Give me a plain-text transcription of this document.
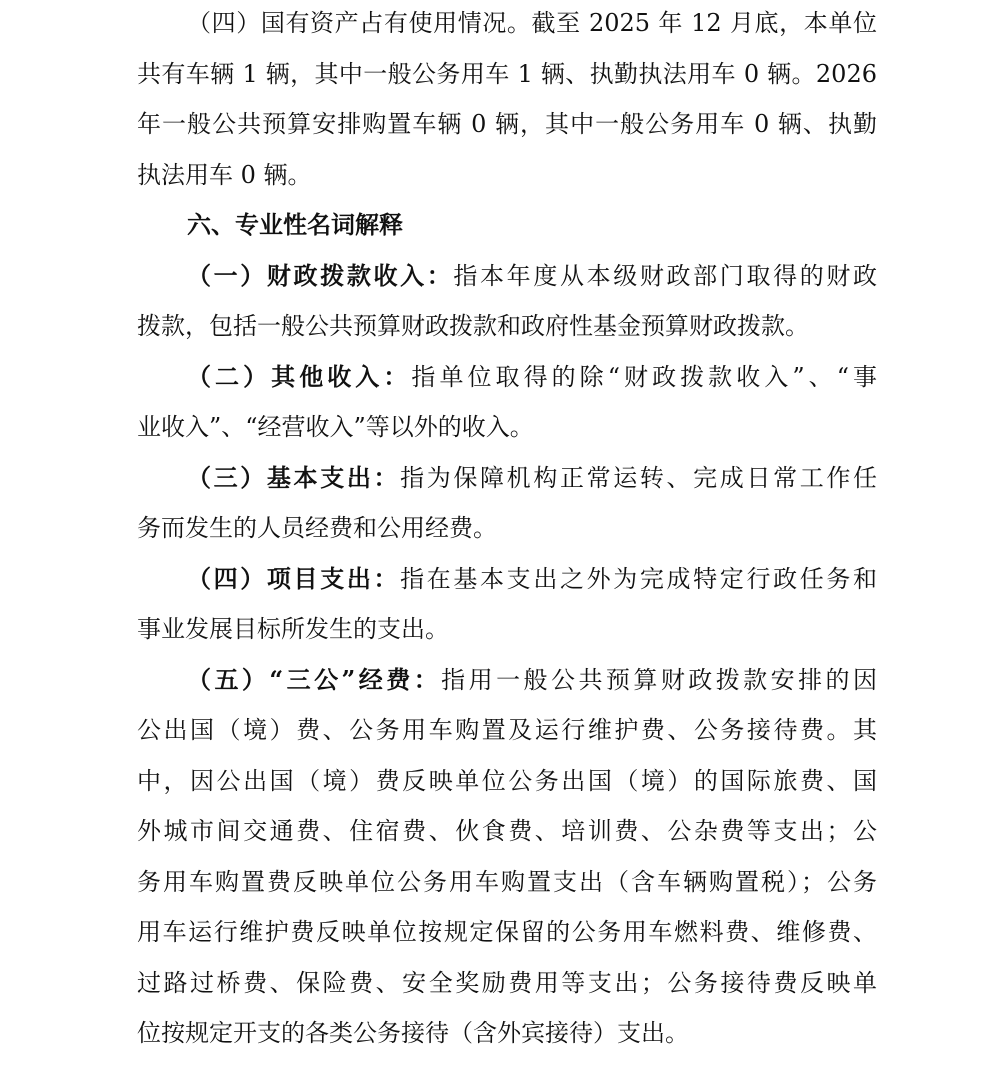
（四）国有资产占有使用情况。截至 2025 年 12 月底，本单位
共有车辆 1 辆，其中一般公务用车 1 辆、执勤执法用车 0 辆。2026
年一般公共预算安排购置车辆 0 辆，其中一般公务用车 0 辆、执勤
执法用车 0 辆。
六、专业性名词解释
（一）财政拨款收入：指本年度从本级财政部门取得的财政
拨款，包括一般公共预算财政拨款和政府性基金预算财政拨款。
（二）其他收入：指单位取得的除“财政拨款收入”、“事
业收入”、“经营收入”等以外的收入。
（三）基本支出：指为保障机构正常运转、完成日常工作任
务而发生的人员经费和公用经费。
（四）项目支出：指在基本支出之外为完成特定行政任务和
事业发展目标所发生的支出。
（五）“三公”经费：指用一般公共预算财政拨款安排的因
公出国（境）费、公务用车购置及运行维护费、公务接待费。其
中，因公出国（境）费反映单位公务出国（境）的国际旅费、国
外城市间交通费、住宿费、伙食费、培训费、公杂费等支出；公
务用车购置费反映单位公务用车购置支出（含车辆购置税）；公务
用车运行维护费反映单位按规定保留的公务用车燃料费、维修费、
过路过桥费、保险费、安全奖励费用等支出；公务接待费反映单
位按规定开支的各类公务接待（含外宾接待）支出。
